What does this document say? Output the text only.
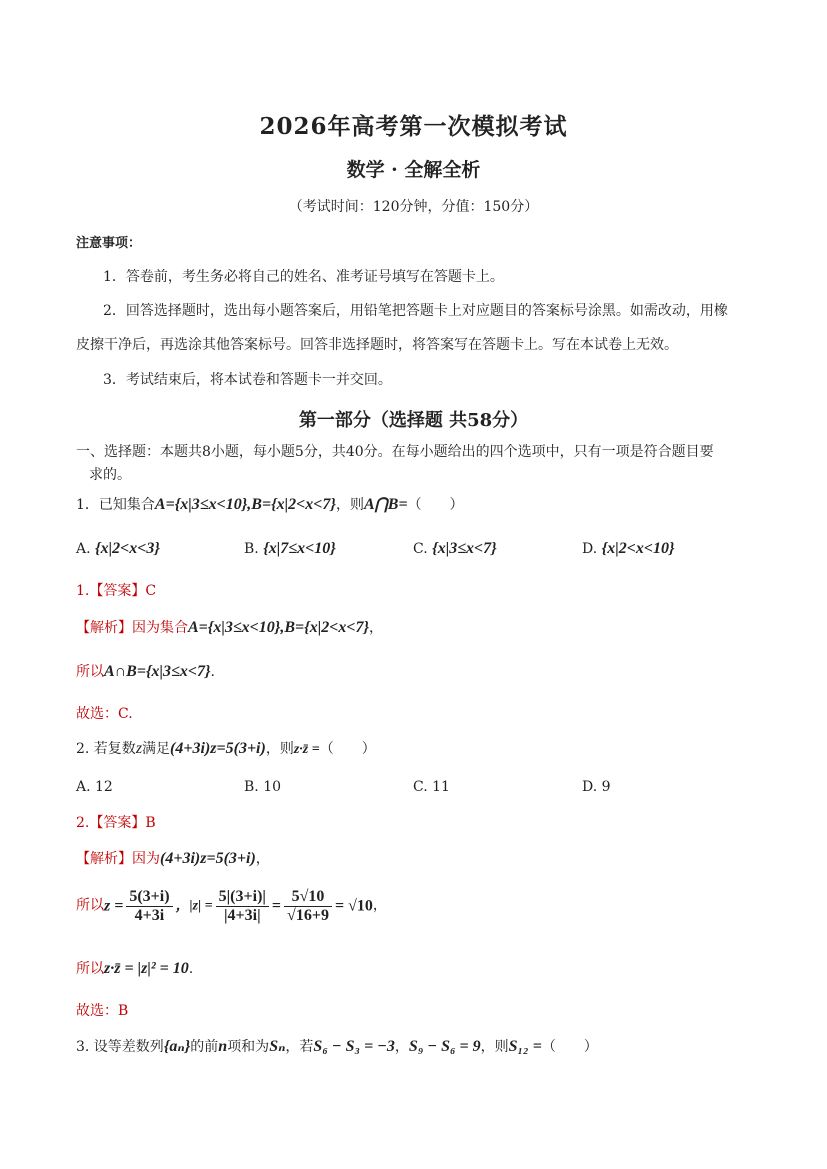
2026年高考第一次模拟考试
数学 · 全解全析
（考试时间：120分钟，分值：150分）
注意事项：
1．答卷前，考生务必将自己的姓名、准考证号填写在答题卡上。
2．回答选择题时，选出每小题答案后，用铅笔把答题卡上对应题目的答案标号涂黑。如需改动，用橡
皮擦干净后，再选涂其他答案标号。回答非选择题时，将答案写在答题卡上。写在本试卷上无效。
3．考试结束后，将本试卷和答题卡一并交回。
第一部分（选择题 共58分）
一、选择题：本题共8小题，每小题5分，共40分。在每小题给出的四个选项中，只有一项是符合题目要
求的。
1．已知集合A={x|3≤x<10},B={x|2<x<7}，则A⋂B=（　　）
A. {x|2<x<3}	B. {x|7≤x<10}	C. {x|3≤x<7}	D. {x|2<x<10}
1.【答案】C
【解析】因为集合A={x|3≤x<10},B={x|2<x<7}，
所以A∩B={x|3≤x<7}.
故选：C.
2. 若复数z满足(4+3i)z=5(3+i)，则z·z̄ =（　　）
A. 12	B. 10	C. 11	D. 9
2.【答案】B
【解析】因为(4+3i)z=5(3+i)，
所以$z = \frac{5(3+i)}{4+3i}$ ，$|z| = \frac{5|(3+i)|}{|4+3i|} = \frac{5√10}{√16+9} = √10$，
所以z·z̄ = |z|² = 10.
故选：B
3. 设等差数列{aₙ}的前n项和为Sₙ，若S₆ − S₃ = −3，S₉ − S₆ = 9，则S₁₂ =（　　）
